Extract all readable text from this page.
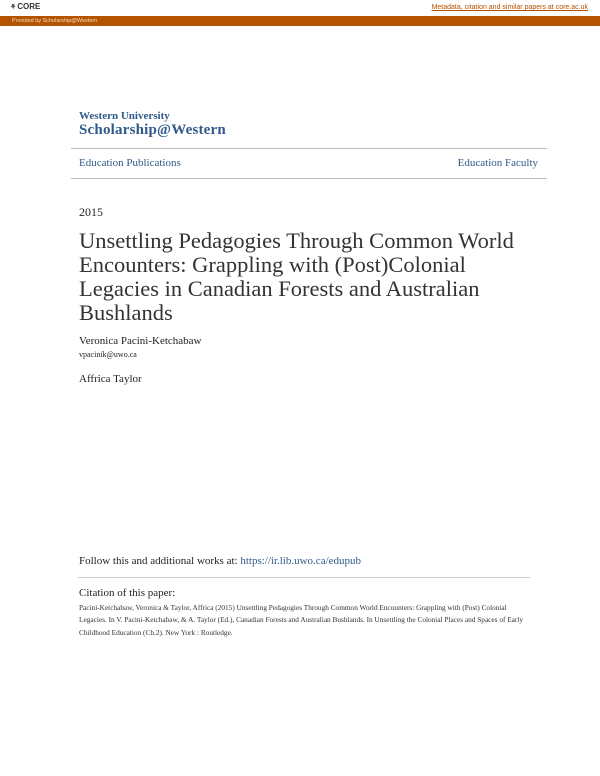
⚘ CORE	Metadata, citation and similar papers at core.ac.uk
Provided by Scholarship@Western
Western University
Scholarship@Western
Education Publications	Education Faculty
2015
Unsettling Pedagogies Through Common World Encounters: Grappling with (Post)Colonial Legacies in Canadian Forests and Australian Bushlands
Veronica Pacini-Ketchabaw
vpacinik@uwo.ca
Affrica Taylor
Follow this and additional works at: https://ir.lib.uwo.ca/edupub
Citation of this paper:
Pacini-Ketchabaw, Veronica & Taylor, Affrica (2015) Unsettling Pedagogies Through Common World Encounters: Grappling with (Post) Colonial Legacies. In V. Pacini-Ketchabaw, & A. Taylor (Ed.), Canadian Forests and Australian Bushlands. In Unsettling the Colonial Places and Spaces of Early Childhood Education (Ch.2). New York : Routledge.
